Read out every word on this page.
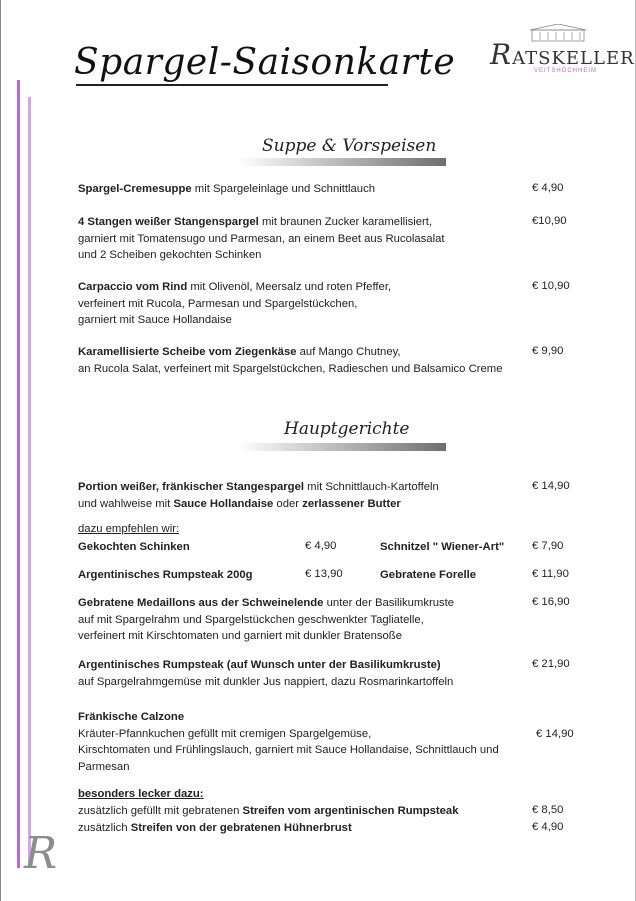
Spargel-Saisonkarte RATSKELLER
VEITSHÖCHHEIM
Suppe & Vorspeisen
Spargel-Cremesuppe mit Spargeleinlage und Schnittlauch	€ 4,90
4 Stangen weißer Stangenspargel mit braunen Zucker karamellisiert,
garniert mit Tomatensugo und Parmesan, an einem Beet aus Rucolasalat
und 2 Scheiben gekochten Schinken
€10,90
Carpaccio vom Rind mit Olivenöl, Meersalz und roten Pfeffer,
verfeinert mit Rucola, Parmesan und Spargelstückchen,
garniert mit Sauce Hollandaise
€ 10,90
Karamellisierte Scheibe vom Ziegenkäse auf Mango Chutney,
an Rucola Salat, verfeinert mit Spargelstückchen, Radieschen und Balsamico Creme
€ 9,90
Hauptgerichte
Portion weißer, fränkischer Stangespargel mit Schnittlauch-Kartoffeln
und wahlweise mit Sauce Hollandaise oder zerlassener Butter
€ 14,90
dazu empfehlen wir:
Gekochten Schinken	€ 4,90	Schnitzel " Wiener-Art" € 7,90
Argentinisches Rumpsteak 200g	€ 13,90	Gebratene Forelle	€ 11,90
Gebratene Medaillons aus der Schweinelende unter der Basilikumkruste
auf mit Spargelrahm und Spargelstückchen geschwenkter Tagliatelle,
verfeinert mit Kirschtomaten und garniert mit dunkler Bratensoße
€ 16,90
Argentinisches Rumpsteak (auf Wunsch unter der Basilikumkruste)
auf Spargelrahmgemüse mit dunkler Jus nappiert, dazu Rosmarinkartoffeln
€ 21,90
Fränkische Calzone
Kräuter-Pfannkuchen gefüllt mit cremigen Spargelgemüse,
Kirschtomaten und Frühlingslauch, garniert mit Sauce Hollandaise, Schnittlauch und
Parmesan
€ 14,90
besonders lecker dazu:
zusätzlich gefüllt mit gebratenen Streifen vom argentinischen Rumpsteak	€ 8,50
zusätzlich Streifen von der gebratenen Hühnerbrust	€ 4,90
R
